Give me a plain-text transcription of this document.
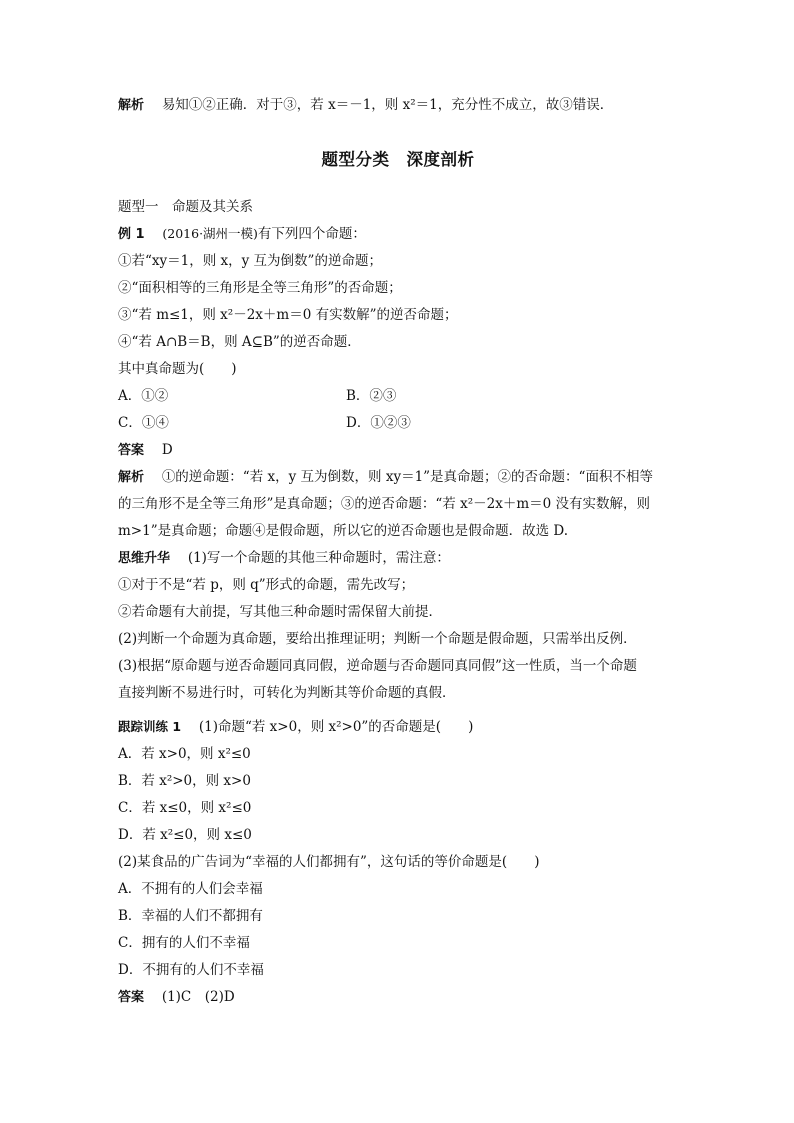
解析　 易知①②正确．对于③，若 x＝－1，则 x²＝1，充分性不成立，故③错误．
题型分类　深度剖析
题型一　命题及其关系
例 1　 (2016·湖州一模)有下列四个命题：
①若“xy＝1，则 x，y 互为倒数”的逆命题；
②“面积相等的三角形是全等三角形”的否命题；
③“若 m≤1，则 x²－2x＋m＝0 有实数解”的逆否命题；
④“若 A∩B＝B，则 A⊆B”的逆否命题．
其中真命题为(　　)
A．①②	B．②③
C．①④	D．①②③
答案　 D
解析　 ①的逆命题：“若 x，y 互为倒数，则 xy＝1”是真命题；②的否命题：“面积不相等
的三角形不是全等三角形”是真命题；③的逆否命题：“若 x²－2x＋m＝0 没有实数解，则
m>1”是真命题；命题④是假命题，所以它的逆否命题也是假命题．故选 D.
思维升华　 (1)写一个命题的其他三种命题时，需注意：
①对于不是“若 p，则 q”形式的命题，需先改写；
②若命题有大前提，写其他三种命题时需保留大前提．
(2)判断一个命题为真命题，要给出推理证明；判断一个命题是假命题，只需举出反例．
(3)根据“原命题与逆否命题同真同假，逆命题与否命题同真同假”这一性质，当一个命题
直接判断不易进行时，可转化为判断其等价命题的真假．
跟踪训练 1　 (1)命题“若 x>0，则 x²>0”的否命题是(　　)
A．若 x>0，则 x²≤0
B．若 x²>0，则 x>0
C．若 x≤0，则 x²≤0
D．若 x²≤0，则 x≤0
(2)某食品的广告词为“幸福的人们都拥有”，这句话的等价命题是(　　)
A．不拥有的人们会幸福
B．幸福的人们不都拥有
C．拥有的人们不幸福
D．不拥有的人们不幸福
答案　 (1)C　(2)D
